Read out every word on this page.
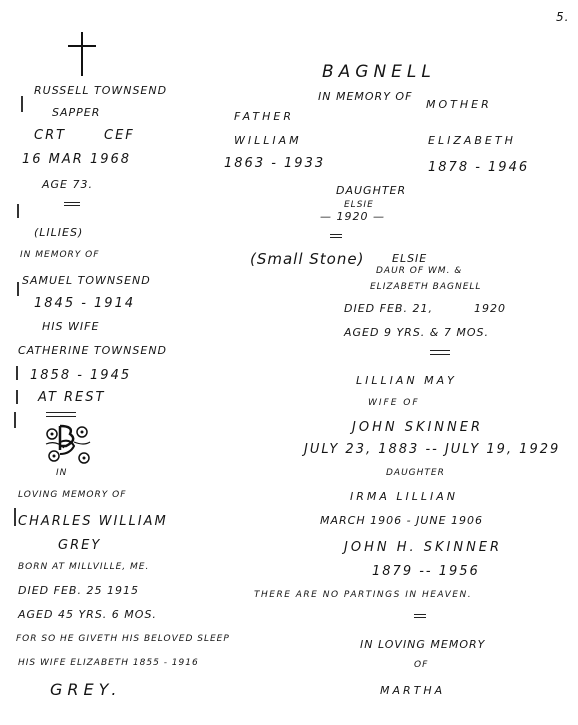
5.
RUSSELL TOWNSEND
SAPPER
CRT	CEF
16 MAR 1968
AGE 73.
(LILIES)
IN MEMORY OF
SAMUEL TOWNSEND
1845 - 1914
HIS WIFE
CATHERINE TOWNSEND
1858 - 1945
AT REST
IN
LOVING MEMORY OF
CHARLES WILLIAM
GREY
BORN AT MILLVILLE, ME.
DIED FEB. 25 1915
AGED 45 YRS. 6 MOS.
FOR SO HE GIVETH HIS BELOVED SLEEP
HIS WIFE ELIZABETH 1855 - 1916
GREY.
BAGNELL
IN MEMORY OF
FATHER
WILLIAM
1863 - 1933
MOTHER
ELIZABETH
1878 - 1946
DAUGHTER
ELSIE
— 1920 —
(Small Stone)	ELSIE
DAUR OF WM. &
ELIZABETH BAGNELL
DIED FEB. 21,	1920
AGED 9 YRS. & 7 MOS.
LILLIAN MAY
WIFE OF
JOHN SKINNER
JULY 23, 1883 -- JULY 19, 1929
DAUGHTER
IRMA LILLIAN
MARCH 1906 - JUNE 1906
JOHN H. SKINNER
1879 -- 1956
THERE ARE NO PARTINGS IN HEAVEN.
IN LOVING MEMORY
OF
MARTHA
